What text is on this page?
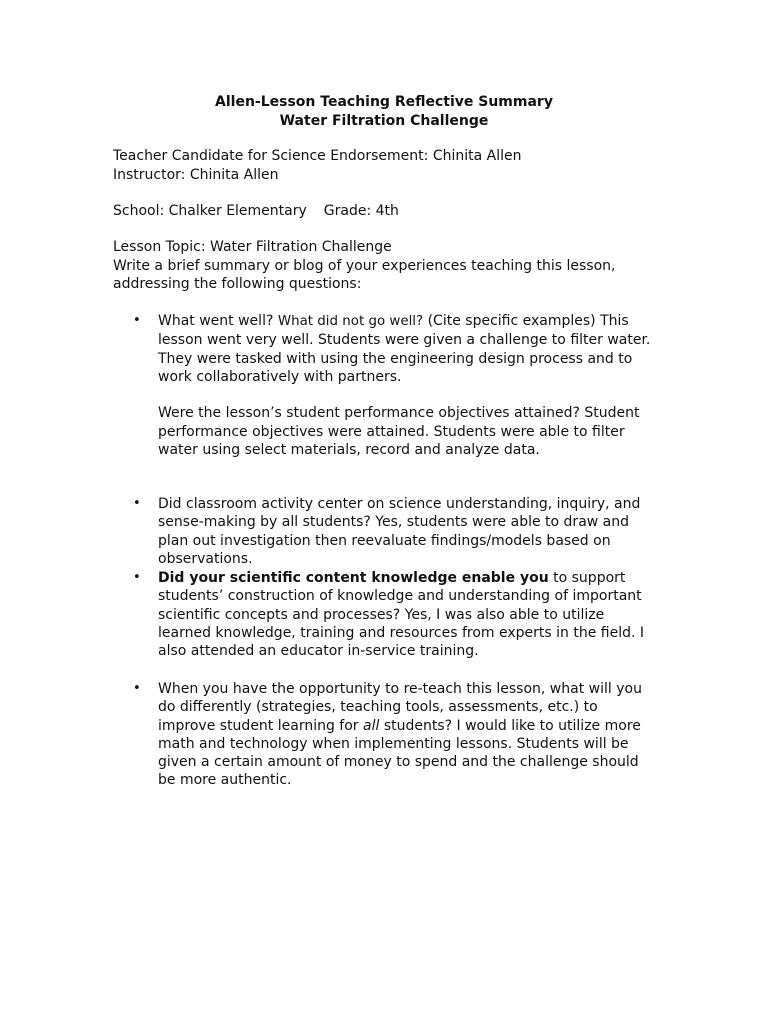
Allen-Lesson Teaching Reflective Summary
Water Filtration Challenge
Teacher Candidate for Science Endorsement: Chinita Allen
Instructor: Chinita Allen
School: Chalker Elementary Grade: 4th
Lesson Topic: Water Filtration Challenge
Write a brief summary or blog of your experiences teaching this lesson,
addressing the following questions:
• What went well? What did not go well? (Cite specific examples) This lesson went very well. Students were given a challenge to filter water. They were tasked with using the engineering design process and to work collaboratively with partners.

Were the lesson’s student performance objectives attained? Student performance objectives were attained. Students were able to filter water using select materials, record and analyze data.

• Did classroom activity center on science understanding, inquiry, and sense-making by all students? Yes, students were able to draw and plan out investigation then reevaluate findings/models based on observations.

• Did your scientific content knowledge enable you to support students’ construction of knowledge and understanding of important scientific concepts and processes? Yes, I was also able to utilize learned knowledge, training and resources from experts in the field. I also attended an educator in-service training.

• When you have the opportunity to re-teach this lesson, what will you do differently (strategies, teaching tools, assessments, etc.) to improve student learning for all students? I would like to utilize more math and technology when implementing lessons. Students will be given a certain amount of money to spend and the challenge should be more authentic.
